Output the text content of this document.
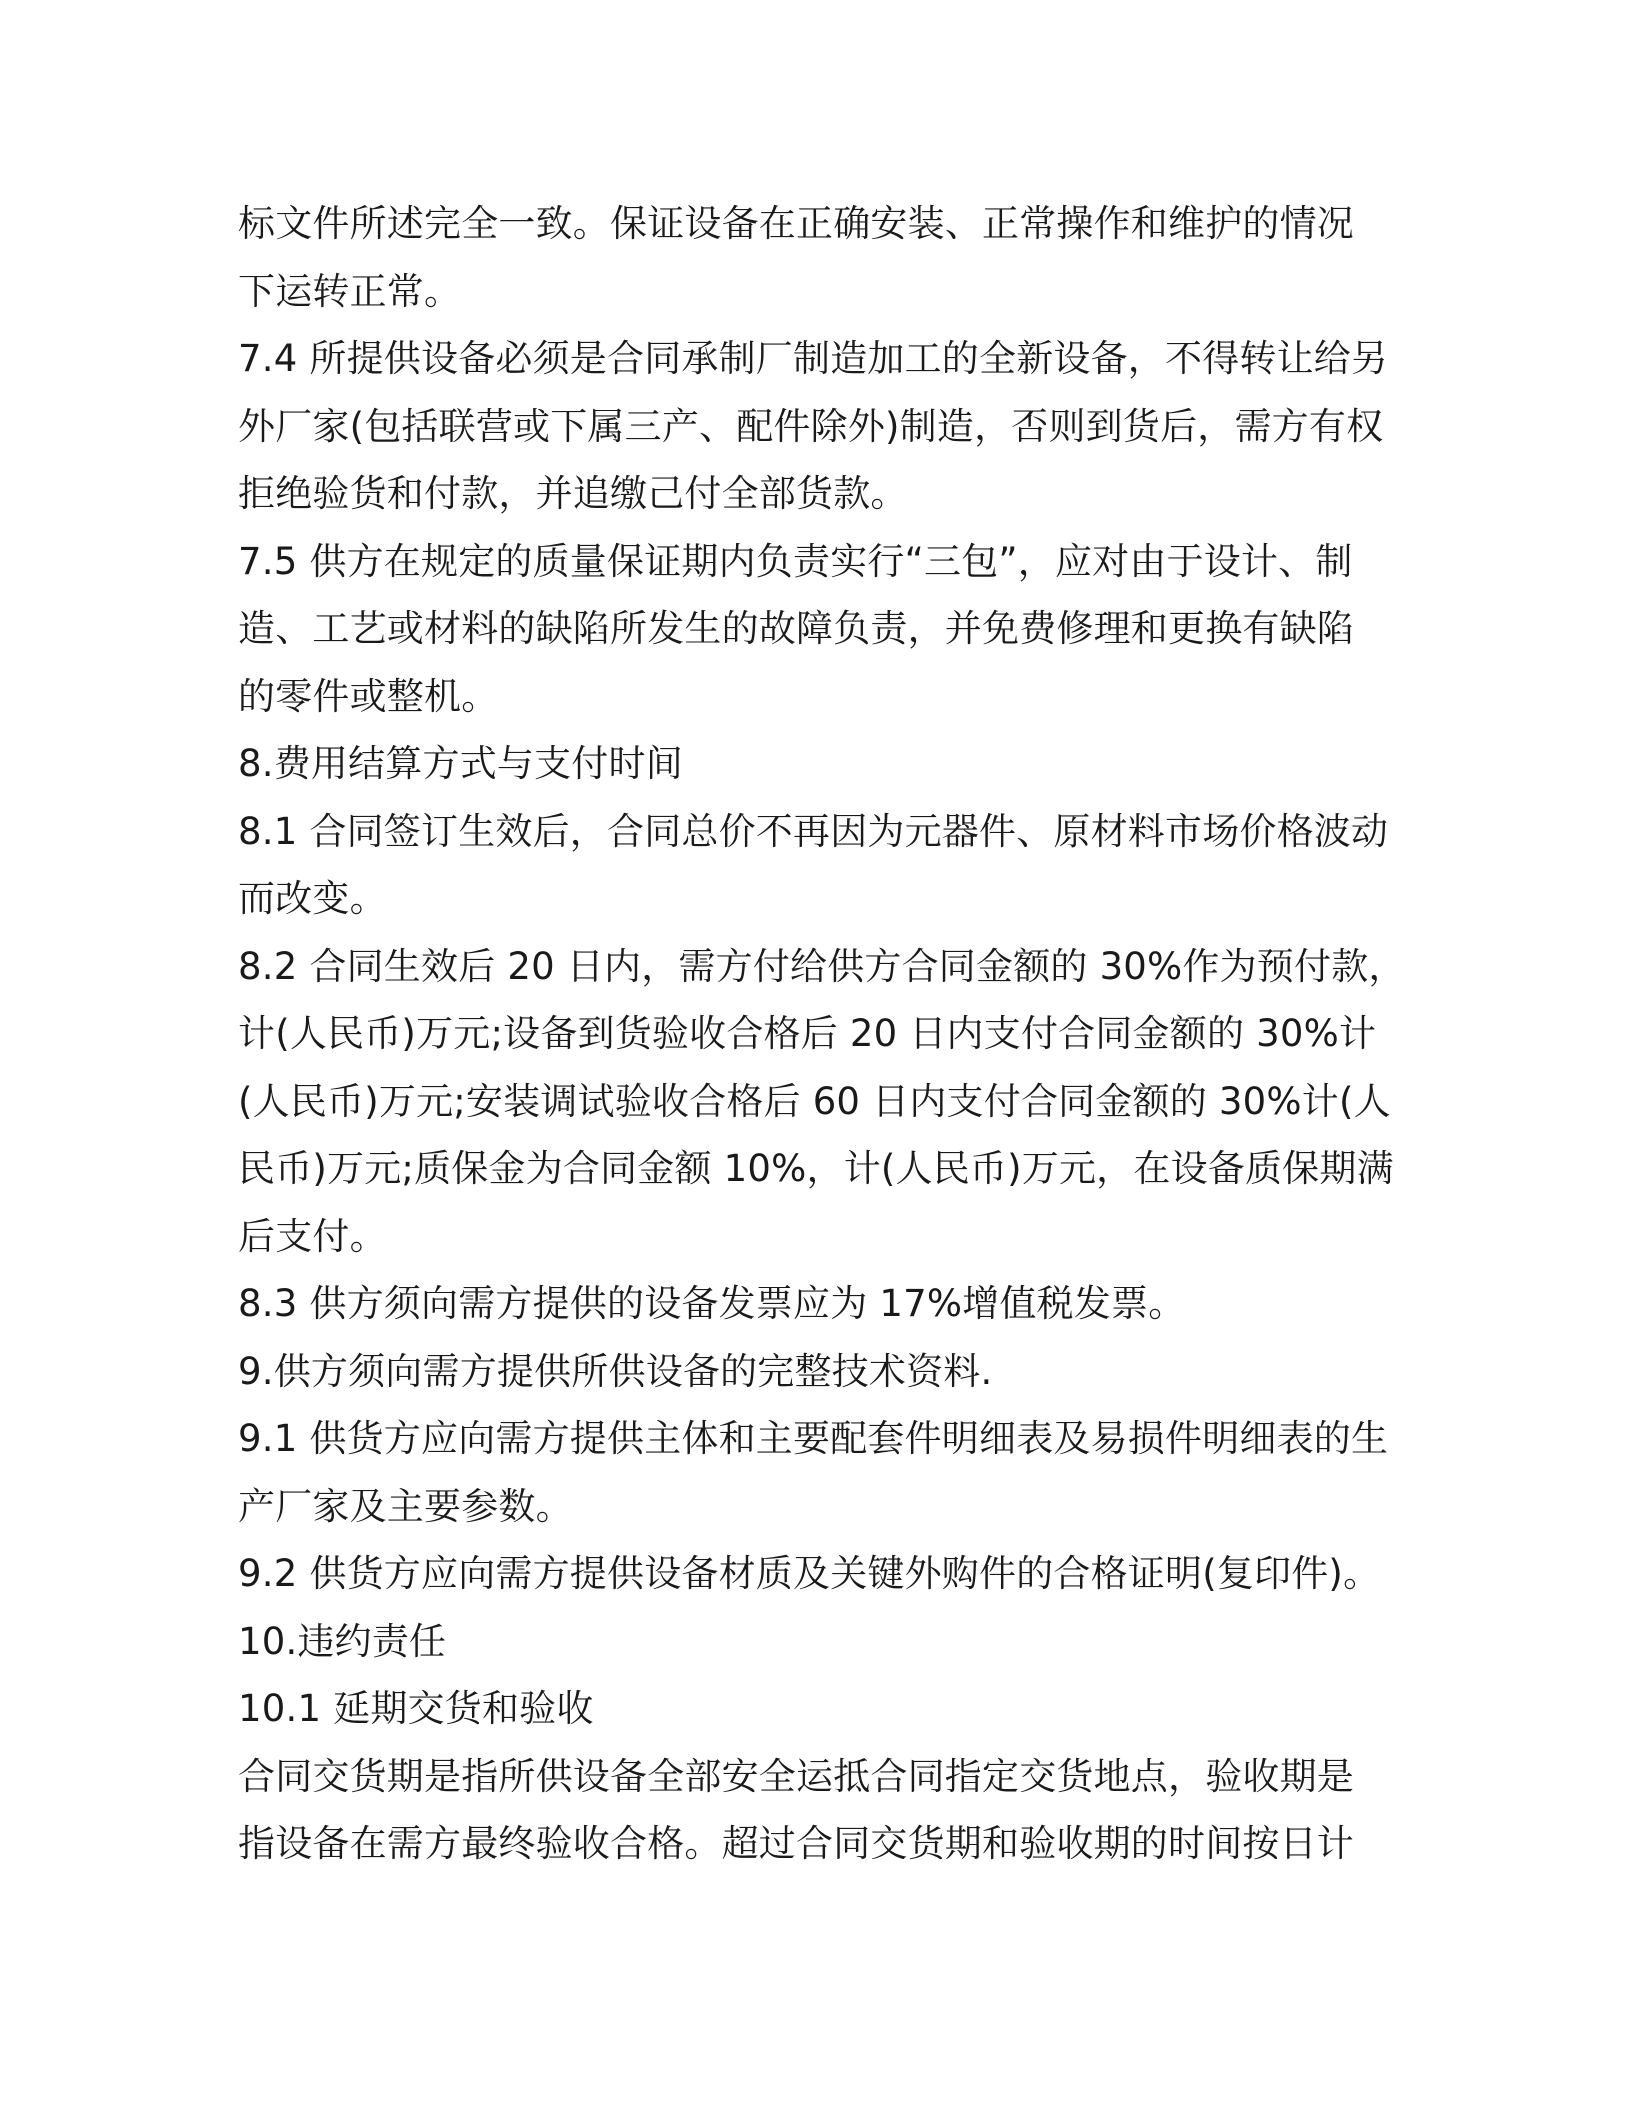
标文件所述完全一致。保证设备在正确安装、正常操作和维护的情况
下运转正常。
7.4 所提供设备必须是合同承制厂制造加工的全新设备，不得转让给另
外厂家(包括联营或下属三产、配件除外)制造，否则到货后，需方有权
拒绝验货和付款，并追缴己付全部货款。
7.5 供方在规定的质量保证期内负责实行“三包”，应对由于设计、制
造、工艺或材料的缺陷所发生的故障负责，并免费修理和更换有缺陷
的零件或整机。
8.费用结算方式与支付时间
8.1 合同签订生效后，合同总价不再因为元器件、原材料市场价格波动
而改变。
8.2 合同生效后 20 日内，需方付给供方合同金额的 30%作为预付款，
计(人民币)万元;设备到货验收合格后 20 日内支付合同金额的 30%计
(人民币)万元;安装调试验收合格后 60 日内支付合同金额的 30%计(人
民币)万元;质保金为合同金额 10%，计(人民币)万元，在设备质保期满
后支付。
8.3 供方须向需方提供的设备发票应为 17%增值税发票。
9.供方须向需方提供所供设备的完整技术资料.
9.1 供货方应向需方提供主体和主要配套件明细表及易损件明细表的生
产厂家及主要参数。
9.2 供货方应向需方提供设备材质及关键外购件的合格证明(复印件)。
10.违约责任
10.1 延期交货和验收
合同交货期是指所供设备全部安全运抵合同指定交货地点，验收期是
指设备在需方最终验收合格。超过合同交货期和验收期的时间按日计
